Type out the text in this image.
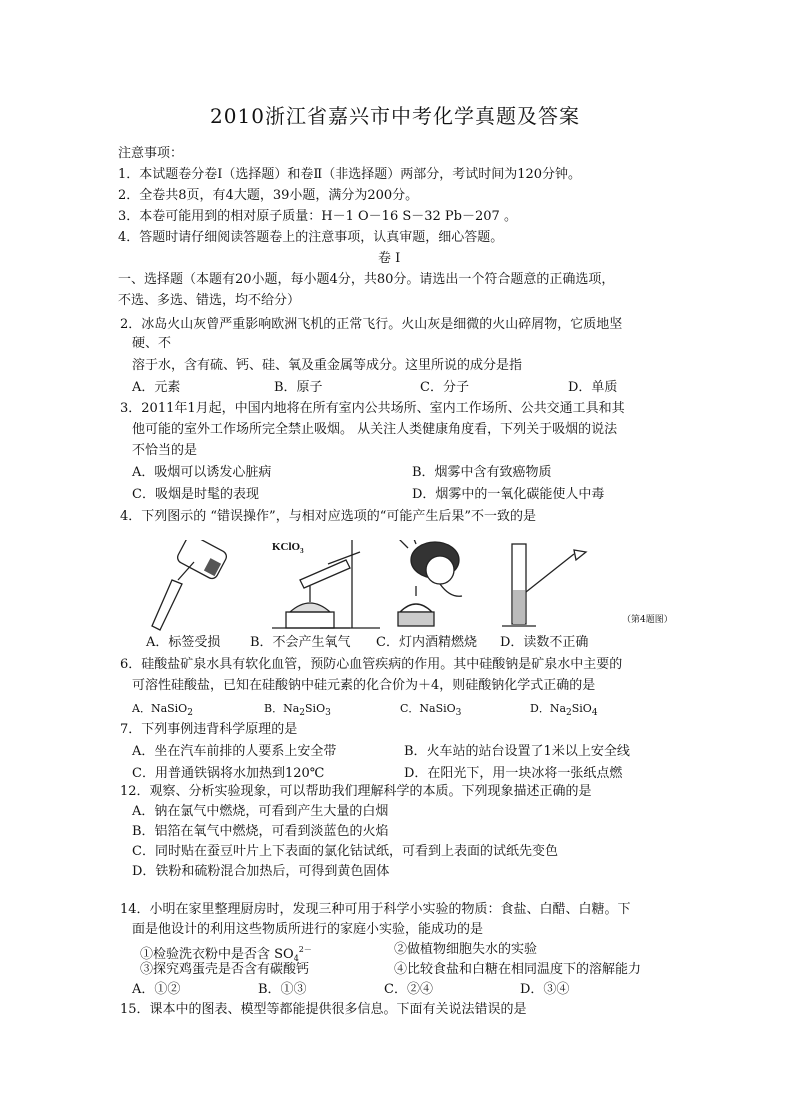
2010浙江省嘉兴市中考化学真题及答案
注意事项：
1．本试题卷分卷Ⅰ（选择题）和卷Ⅱ（非选择题）两部分，考试时间为120分钟。
2．全卷共8页，有4大题，39小题，满分为200分。
3．本卷可能用到的相对原子质量：H－1 O－16 S－32 Pb－207 。
4．答题时请仔细阅读答题卷上的注意事项，认真审题，细心答题。
卷 Ⅰ
一、选择题（本题有20小题，每小题4分，共80分。请选出一个符合题意的正确选项，
不选、多选、错选，均不给分）
2．冰岛火山灰曾严重影响欧洲飞机的正常飞行。火山灰是细微的火山碎屑物，它质地坚
硬、不
溶于水，含有硫、钙、硅、氧及重金属等成分。这里所说的成分是指
A．元素	B．原子	C．分子	D．单质
3．2011年1月起，中国内地将在所有室内公共场所、室内工作场所、公共交通工具和其
他可能的室外工作场所完全禁止吸烟。 从关注人类健康角度看，下列关于吸烟的说法
不恰当的是
A．吸烟可以诱发心脏病	B．烟雾中含有致癌物质
C．吸烟是时髦的表现	D．烟雾中的一氧化碳能使人中毒
4．下列图示的 “错误操作”，与相对应选项的“可能产生后果”不一致的是
KClO$_3$
（第4题图）
A．标签受损 B．不会产生氧气 C．灯内酒精燃烧 D．读数不正确
6．硅酸盐矿泉水具有软化血管，预防心血管疾病的作用。其中硅酸钠是矿泉水中主要的
可溶性硅酸盐，已知在硅酸钠中硅元素的化合价为＋4，则硅酸钠化学式正确的是
A．NaSiO$_2$	B．$Na_2SiO_3$	C．NaSiO$_3$	D．$Na_2SiO_4$
7．下列事例违背科学原理的是
A．坐在汽车前排的人要系上安全带	B．火车站的站台设置了1米以上安全线
C．用普通铁锅将水加热到120℃	D．在阳光下，用一块冰将一张纸点燃
12．观察、分析实验现象，可以帮助我们理解科学的本质。下列现象描述正确的是
A．钠在氯气中燃烧，可看到产生大量的白烟
B．铝箔在氧气中燃烧，可看到淡蓝色的火焰
C．同时贴在蚕豆叶片上下表面的氯化钴试纸，可看到上表面的试纸先变色
D．铁粉和硫粉混合加热后，可得到黄色固体
14．小明在家里整理厨房时，发现三种可用于科学小实验的物质：食盐、白醋、白糖。下
面是他设计的利用这些物质所进行的家庭小实验，能成功的是
①检验洗衣粉中是否含 $SO_4^{2-}$	②做植物细胞失水的实验
③探究鸡蛋壳是否含有碳酸钙	④比较食盐和白糖在相同温度下的溶解能力
A．①②	B．①③	C．②④	D．③④
15．课本中的图表、模型等都能提供很多信息。下面有关说法错误的是
